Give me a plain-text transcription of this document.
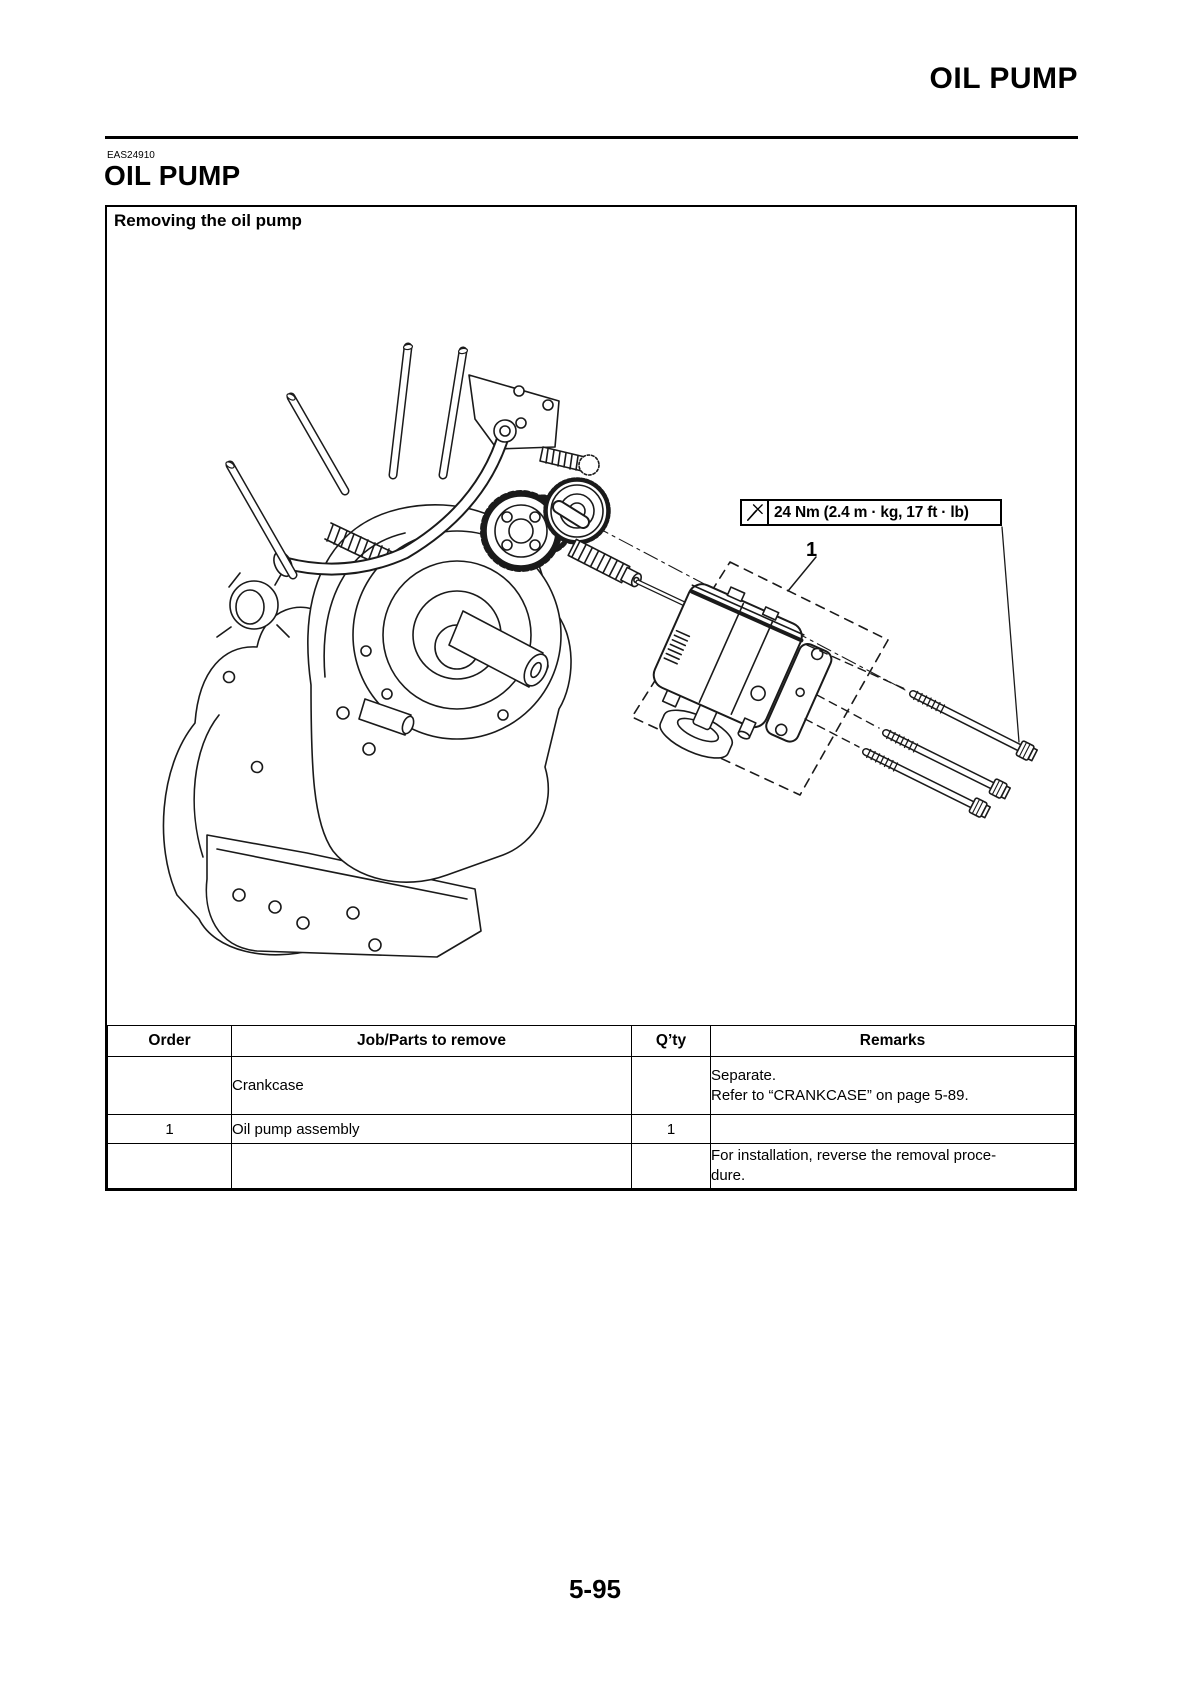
OIL PUMP
EAS24910
OIL PUMP
Removing the oil pump
24 Nm (2.4 m · kg, 17 ft · lb)
1
Order	Job/Parts to remove	Q’ty	Remarks
	Crankcase		Separate.
Refer to “CRANKCASE” on page 5-89.

1	Oil pump assembly	1	

			For installation, reverse the removal proce-
dure.
5-95
